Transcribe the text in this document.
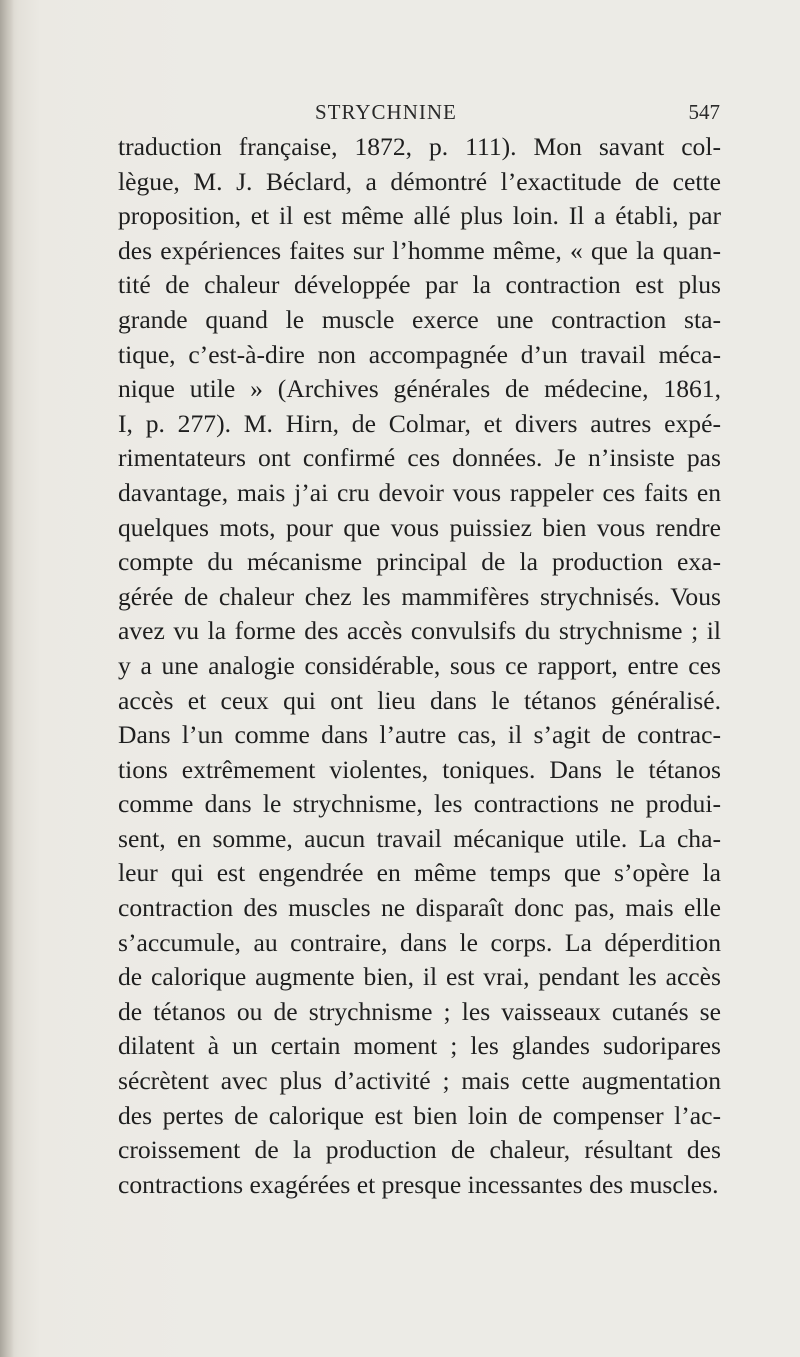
STRYCHNINE	547
traduction française, 1872, p. 111). Mon savant col-
lègue, M. J. Béclard, a démontré l’exactitude de cette
proposition, et il est même allé plus loin. Il a établi, par
des expériences faites sur l’homme même, « que la quan-
tité de chaleur développée par la contraction est plus
grande quand le muscle exerce une contraction sta-
tique, c’est-à-dire non accompagnée d’un travail méca-
nique utile » (Archives générales de médecine, 1861,
I, p. 277). M. Hirn, de Colmar, et divers autres expé-
rimentateurs ont confirmé ces données. Je n’insiste pas
davantage, mais j’ai cru devoir vous rappeler ces faits en
quelques mots, pour que vous puissiez bien vous rendre
compte du mécanisme principal de la production exa-
gérée de chaleur chez les mammifères strychnisés. Vous
avez vu la forme des accès convulsifs du strychnisme ; il
y a une analogie considérable, sous ce rapport, entre ces
accès et ceux qui ont lieu dans le tétanos généralisé.
Dans l’un comme dans l’autre cas, il s’agit de contrac-
tions extrêmement violentes, toniques. Dans le tétanos
comme dans le strychnisme, les contractions ne produi-
sent, en somme, aucun travail mécanique utile. La cha-
leur qui est engendrée en même temps que s’opère la
contraction des muscles ne disparaît donc pas, mais elle
s’accumule, au contraire, dans le corps. La déperdition
de calorique augmente bien, il est vrai, pendant les accès
de tétanos ou de strychnisme ; les vaisseaux cutanés se
dilatent à un certain moment ; les glandes sudoripares
sécrètent avec plus d’activité ; mais cette augmentation
des pertes de calorique est bien loin de compenser l’ac-
croissement de la production de chaleur, résultant des
contractions exagérées et presque incessantes des muscles.
